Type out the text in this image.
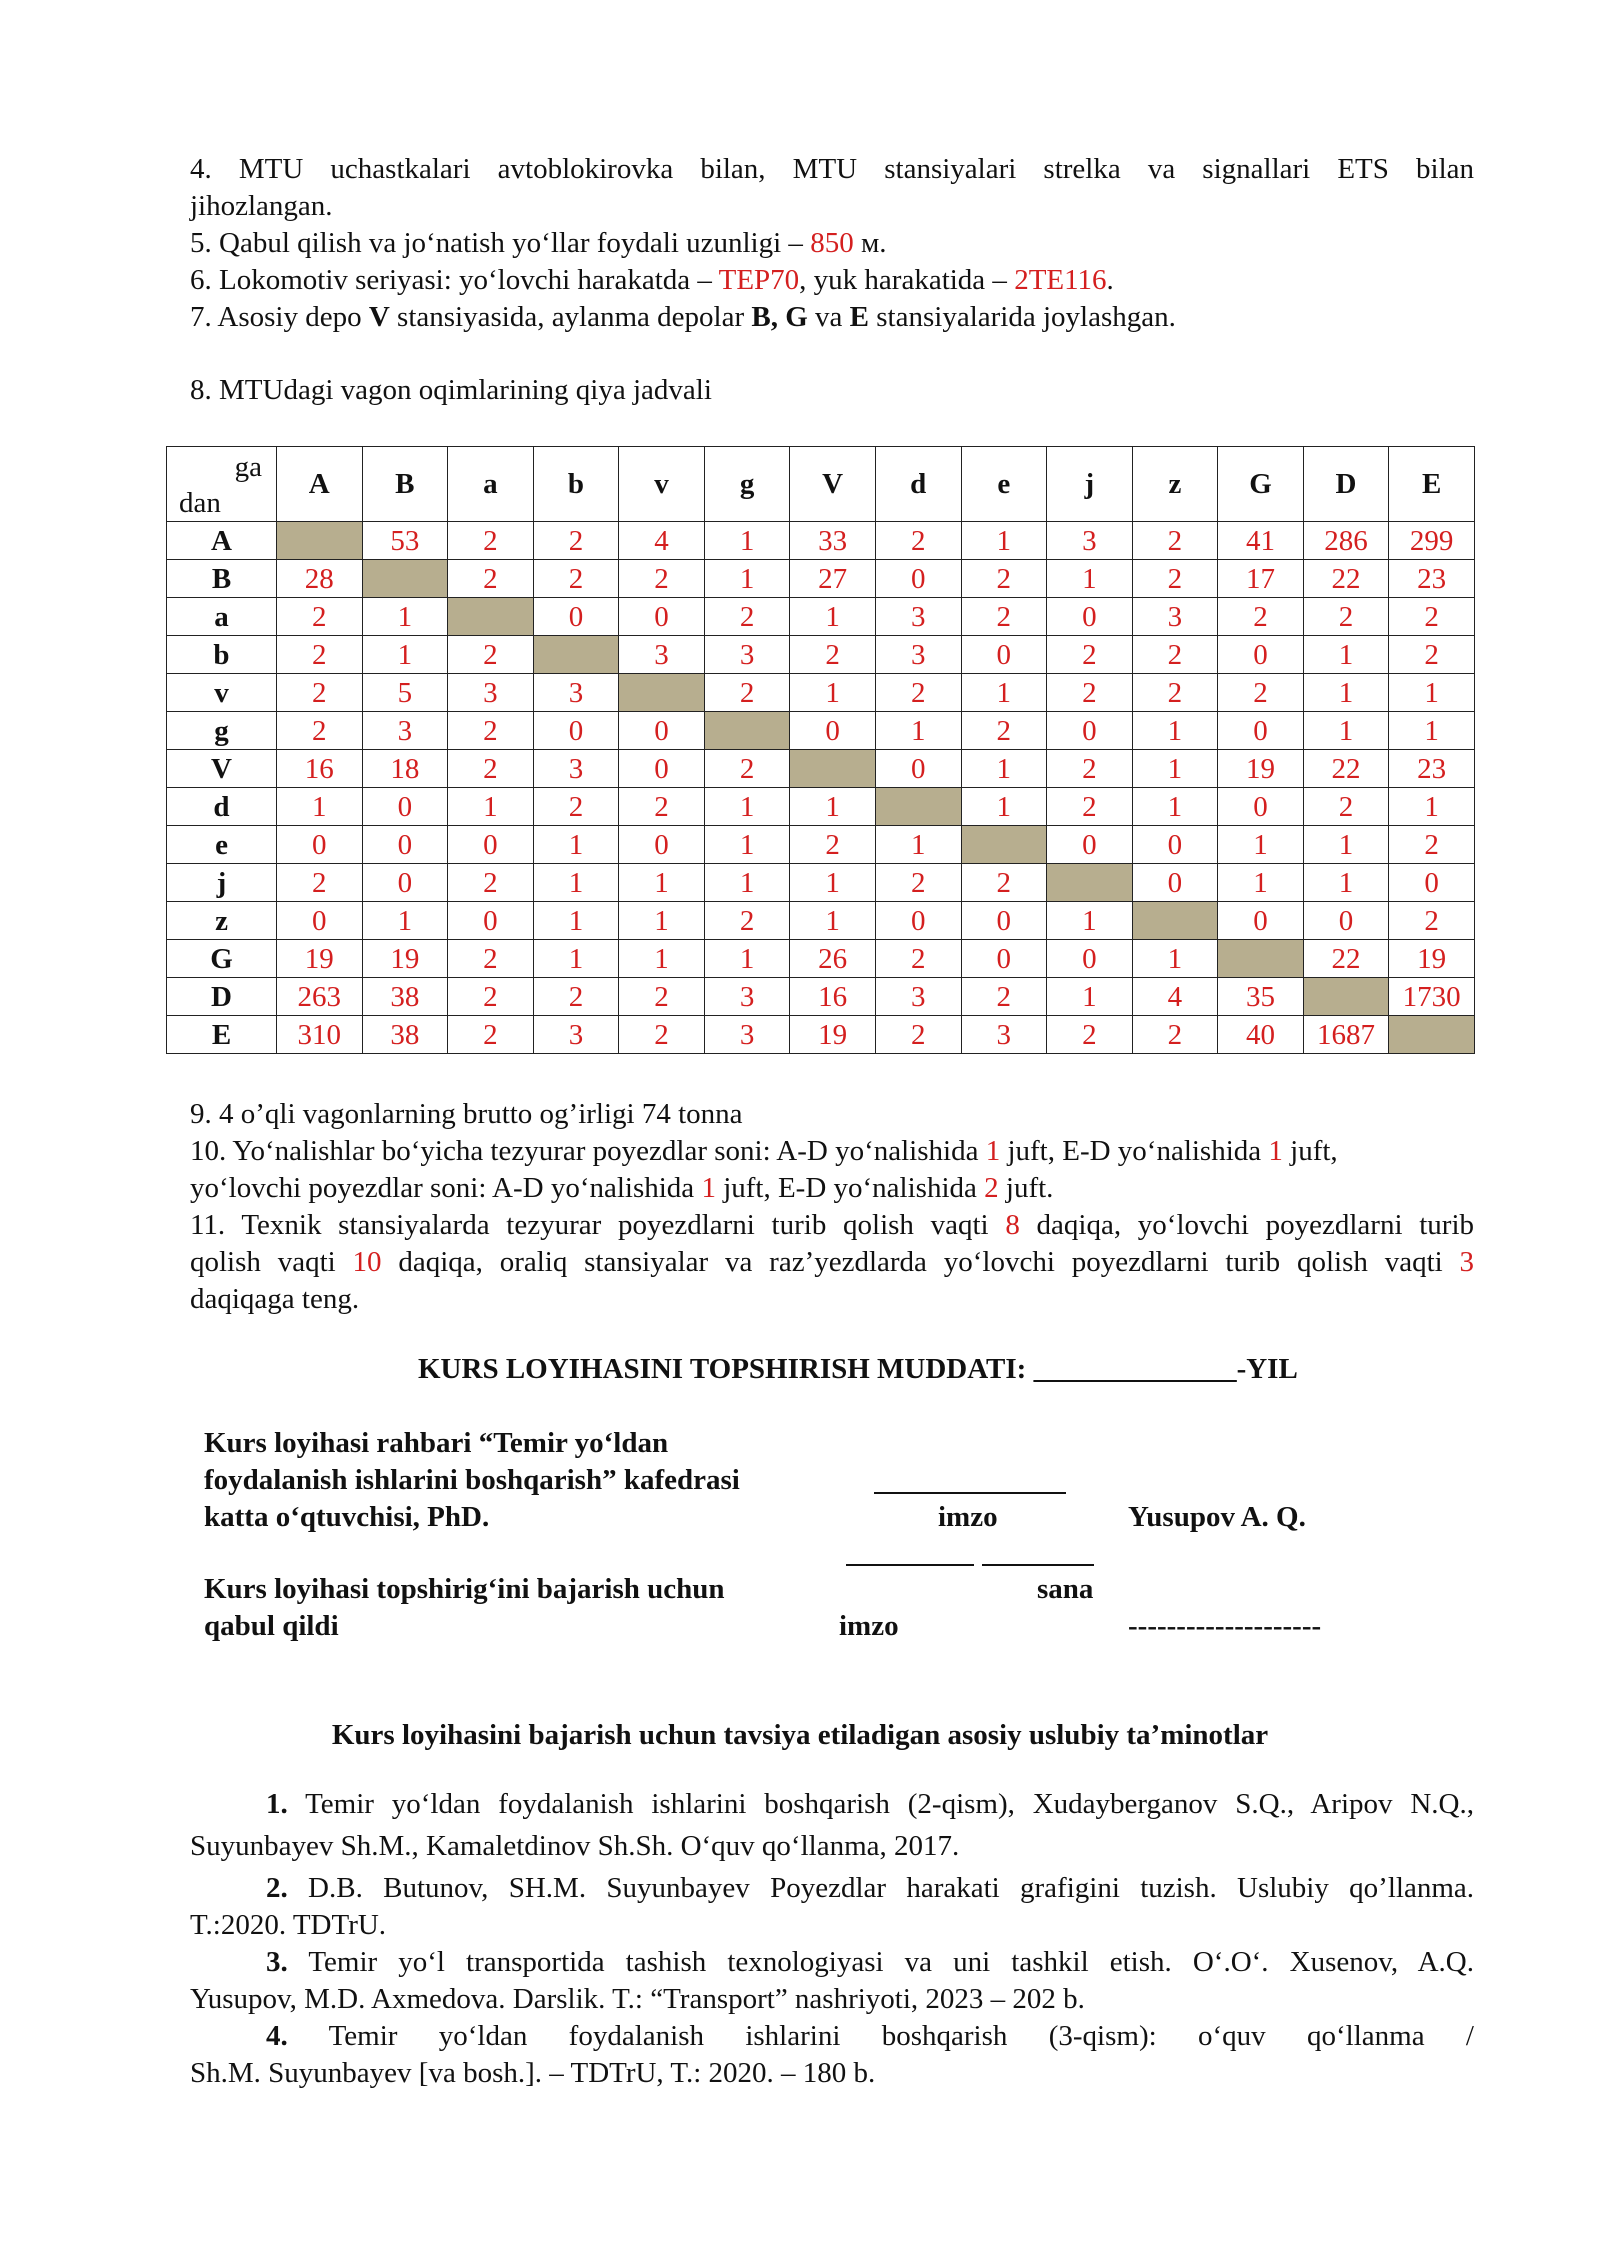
4. MTU uchastkalari avtoblokirovka bilan, MTU stansiyalari strelka va signallari ETS bilan

jihozlangan.

5. Qabul qilish va jo‘natish yo‘llar foydali uzunligi – 850 м.

6. Lokomotiv seriyasi: yo‘lovchi harakatda – TEP70, yuk harakatida – 2TE116.

7. Asosiy depo V stansiyasida, aylanma depolar B, G va E stansiyalarida joylashgan.

8. MTUdagi vagon oqimlarining qiya jadvali

ga
dan	A	B	a	b	v	g	V	d	e	j	z	G	D	E
A		53	2	2	4	1	33	2	1	3	2	41	286	299
B	28		2	2	2	1	27	0	2	1	2	17	22	23
a	2	1		0	0	2	1	3	2	0	3	2	2	2
b	2	1	2		3	3	2	3	0	2	2	0	1	2
v	2	5	3	3		2	1	2	1	2	2	2	1	1
g	2	3	2	0	0		0	1	2	0	1	0	1	1
V	16	18	2	3	0	2		0	1	2	1	19	22	23
d	1	0	1	2	2	1	1		1	2	1	0	2	1
e	0	0	0	1	0	1	2	1		0	0	1	1	2
j	2	0	2	1	1	1	1	2	2		0	1	1	0
z	0	1	0	1	1	2	1	0	0	1		0	0	2
G	19	19	2	1	1	1	26	2	0	0	1		22	19
D	263	38	2	2	2	3	16	3	2	1	4	35		1730
E	310	38	2	3	2	3	19	2	3	2	2	40	1687	

9. 4 o’qli vagonlarning brutto og’irligi 74 tonna

10. Yo‘nalishlar bo‘yicha tezyurar poyezdlar soni: A-D yo‘nalishida 1 juft, E-D yo‘nalishida 1 juft,

yo‘lovchi poyezdlar soni: A-D yo‘nalishida 1 juft, E-D yo‘nalishida 2 juft.

11. Texnik stansiyalarda tezyurar poyezdlarni turib qolish vaqti 8 daqiqa, yo‘lovchi poyezdlarni turib

qolish vaqti 10 daqiqa, oraliq stansiyalar va raz’yezdlarda yo‘lovchi poyezdlarni turib qolish vaqti 3

daqiqaga teng.

KURS LOYIHASINI TOPSHIRISH MUDDATI: ______________-YIL

Kurs loyihasi rahbari “Temir yo‘ldan
foydalanish ishlarini boshqarish” kafedrasi
katta o‘qtuvchisi, PhD.	imzo	Yusupov A. Q.
Kurs loyihasi topshirig‘ini bajarish uchun	sana
qabul qildi	imzo	--------------------

Kurs loyihasini bajarish uchun tavsiya etiladigan asosiy uslubiy ta’minotlar

1. Temir yo‘ldan foydalanish ishlarini boshqarish (2-qism), Xudayberganov S.Q., Aripov N.Q.,

Suyunbayev Sh.M., Kamaletdinov Sh.Sh. O‘quv qo‘llanma, 2017.

2. D.B. Butunov, SH.M. Suyunbayev Poyezdlar harakati grafigini tuzish. Uslubiy qo’llanma.

T.:2020. TDTrU.

3. Temir yo‘l transportida tashish texnologiyasi va uni tashkil etish. O‘.O‘. Xusenov, A.Q.

Yusupov, M.D. Axmedova. Darslik. T.: “Transport” nashriyoti, 2023 – 202 b.

4. Temir yo‘ldan foydalanish ishlarini boshqarish (3-qism): o‘quv qo‘llanma /

Sh.M. Suyunbayev [va bosh.]. – TDTrU, T.: 2020. – 180 b.
